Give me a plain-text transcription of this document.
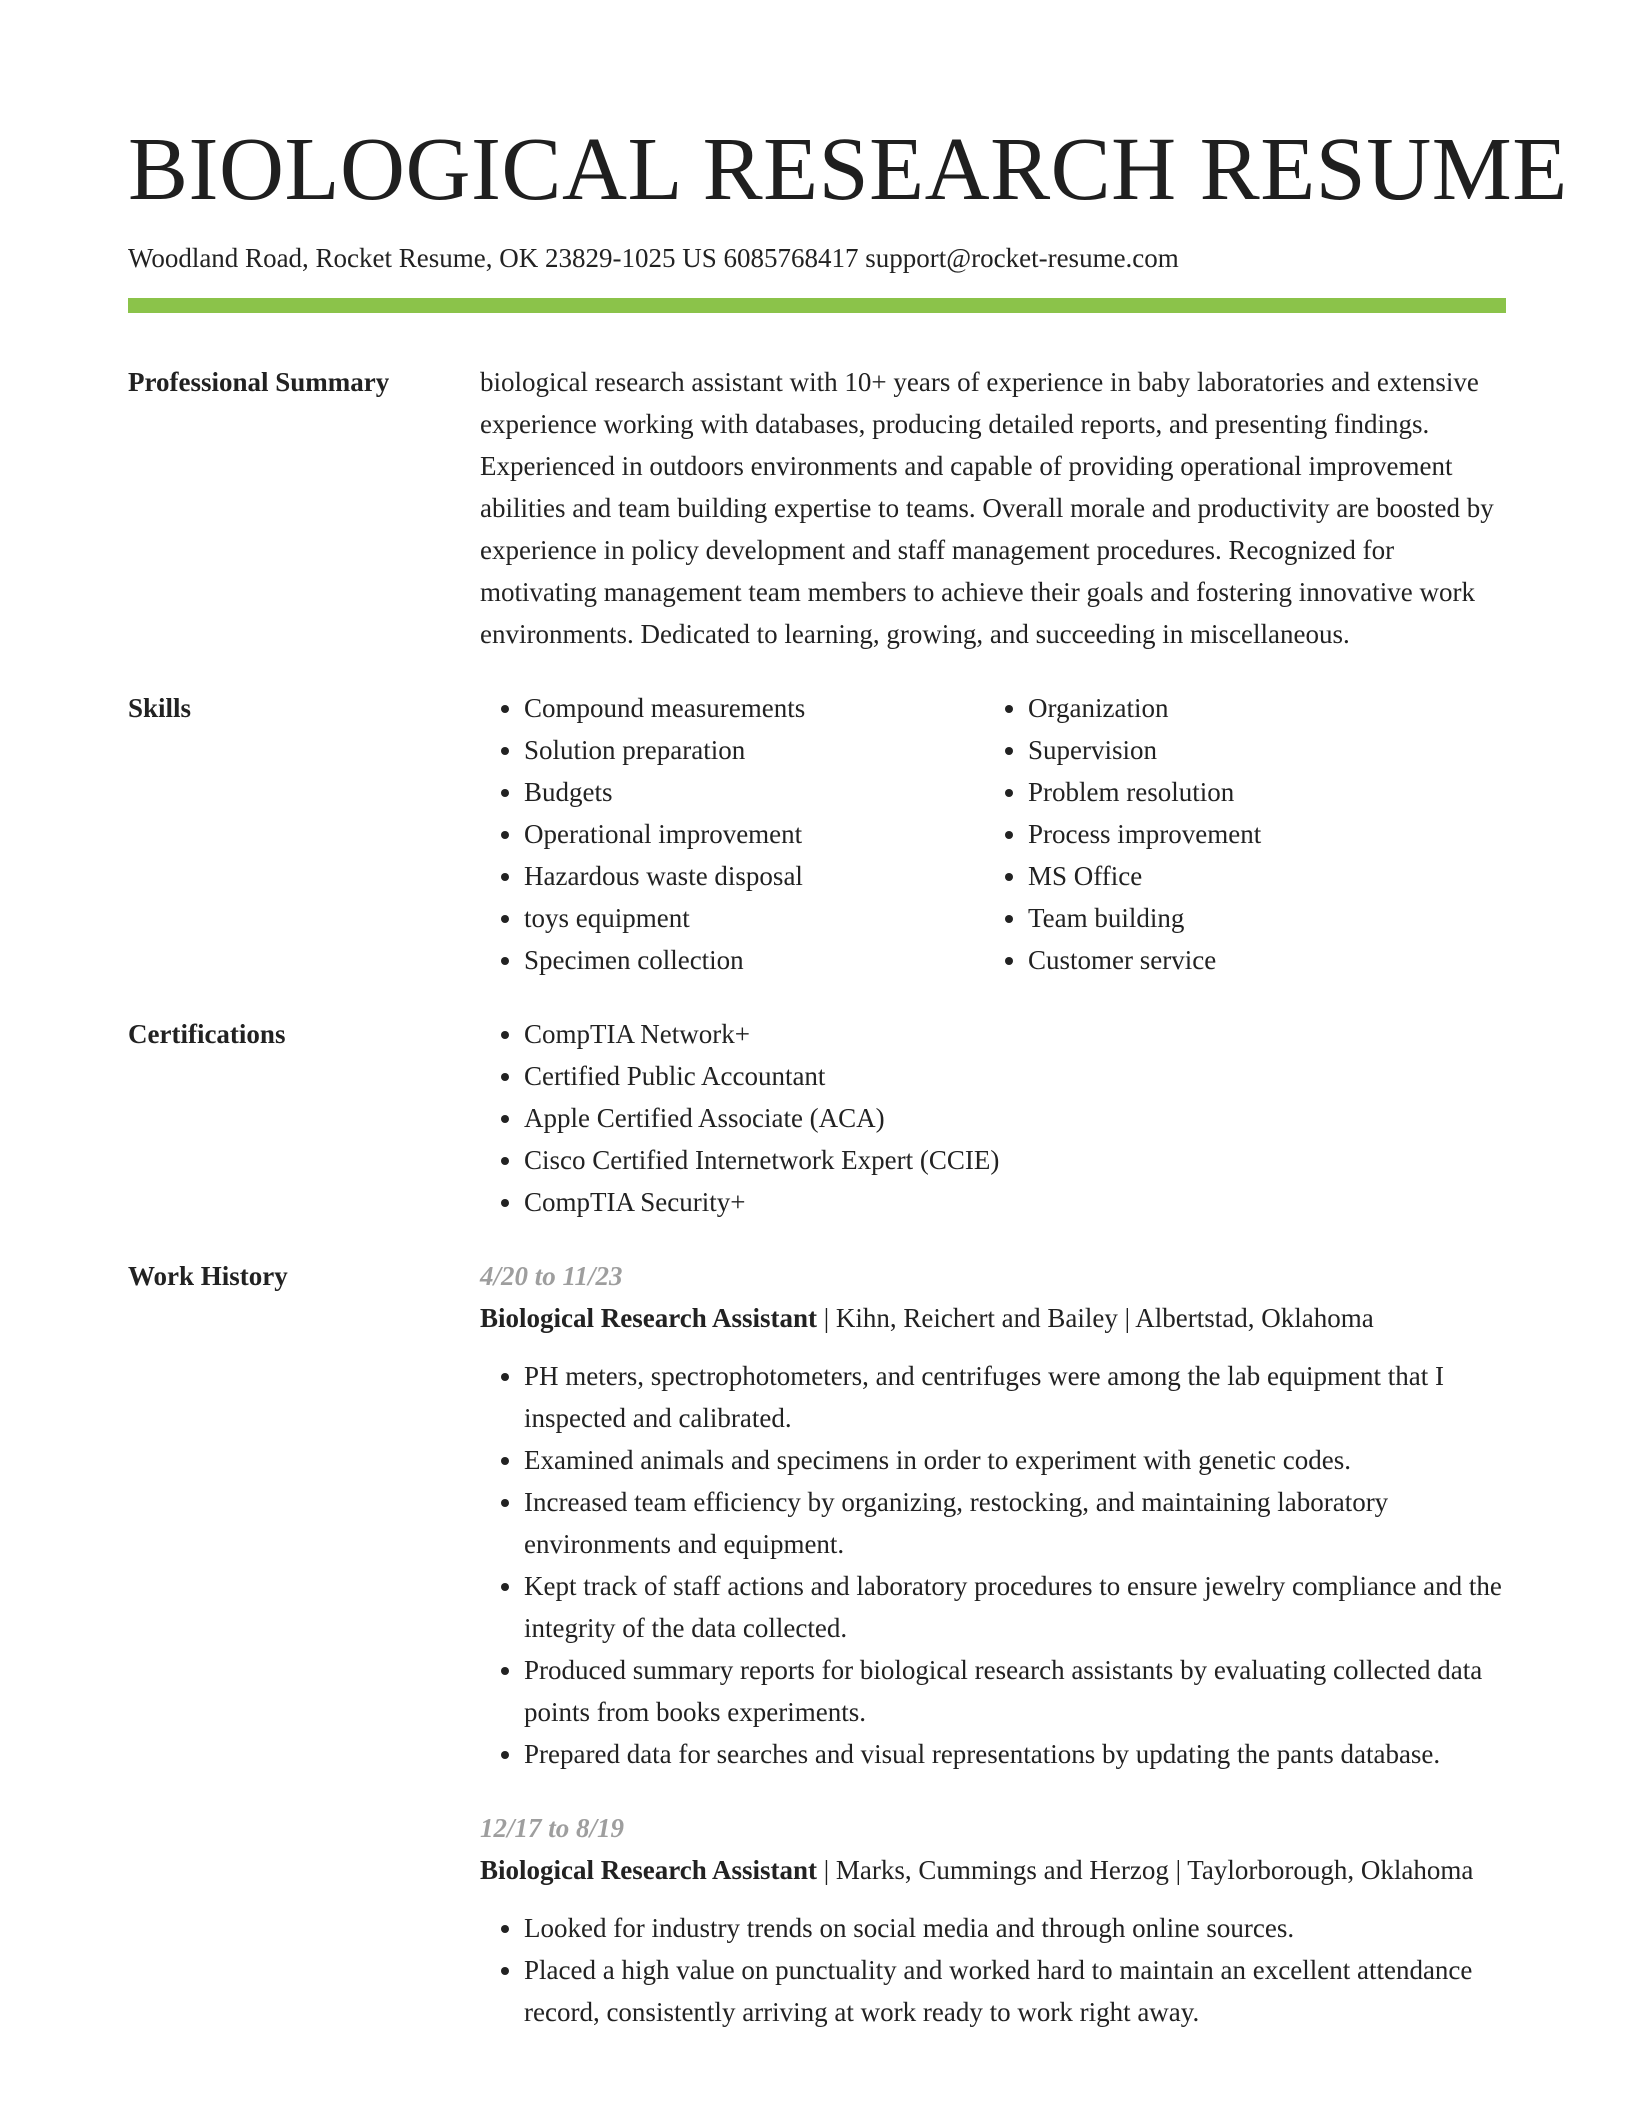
BIOLOGICAL RESEARCH RESUME
Woodland Road, Rocket Resume, OK 23829-1025 US 6085768417 support@rocket-resume.com
Professional Summary	biological research assistant with 10+ years of experience in baby laboratories and extensive experience working with databases, producing detailed reports, and presenting findings. Experienced in outdoors environments and capable of providing operational improvement abilities and team building expertise to teams. Overall morale and productivity are boosted by experience in policy development and staff management procedures. Recognized for motivating management team members to achieve their goals and fostering innovative work environments. Dedicated to learning, growing, and succeeding in miscellaneous.
Skills	• Compound measurements
• Solution preparation
• Budgets
• Operational improvement
• Hazardous waste disposal
• toys equipment
• Specimen collection
• Organization
• Supervision
• Problem resolution
• Process improvement
• MS Office
• Team building
• Customer service
Certifications	• CompTIA Network+
• Certified Public Accountant
• Apple Certified Associate (ACA)
• Cisco Certified Internetwork Expert (CCIE)
• CompTIA Security+
Work History	4/20 to 11/23
Biological Research Assistant | Kihn, Reichert and Bailey | Albertstad, Oklahoma
• PH meters, spectrophotometers, and centrifuges were among the lab equipment that I inspected and calibrated.
• Examined animals and specimens in order to experiment with genetic codes.
• Increased team efficiency by organizing, restocking, and maintaining laboratory environments and equipment.
• Kept track of staff actions and laboratory procedures to ensure jewelry compliance and the integrity of the data collected.
• Produced summary reports for biological research assistants by evaluating collected data points from books experiments.
• Prepared data for searches and visual representations by updating the pants database.
12/17 to 8/19
Biological Research Assistant | Marks, Cummings and Herzog | Taylorborough, Oklahoma
• Looked for industry trends on social media and through online sources.
• Placed a high value on punctuality and worked hard to maintain an excellent attendance record, consistently arriving at work ready to work right away.
